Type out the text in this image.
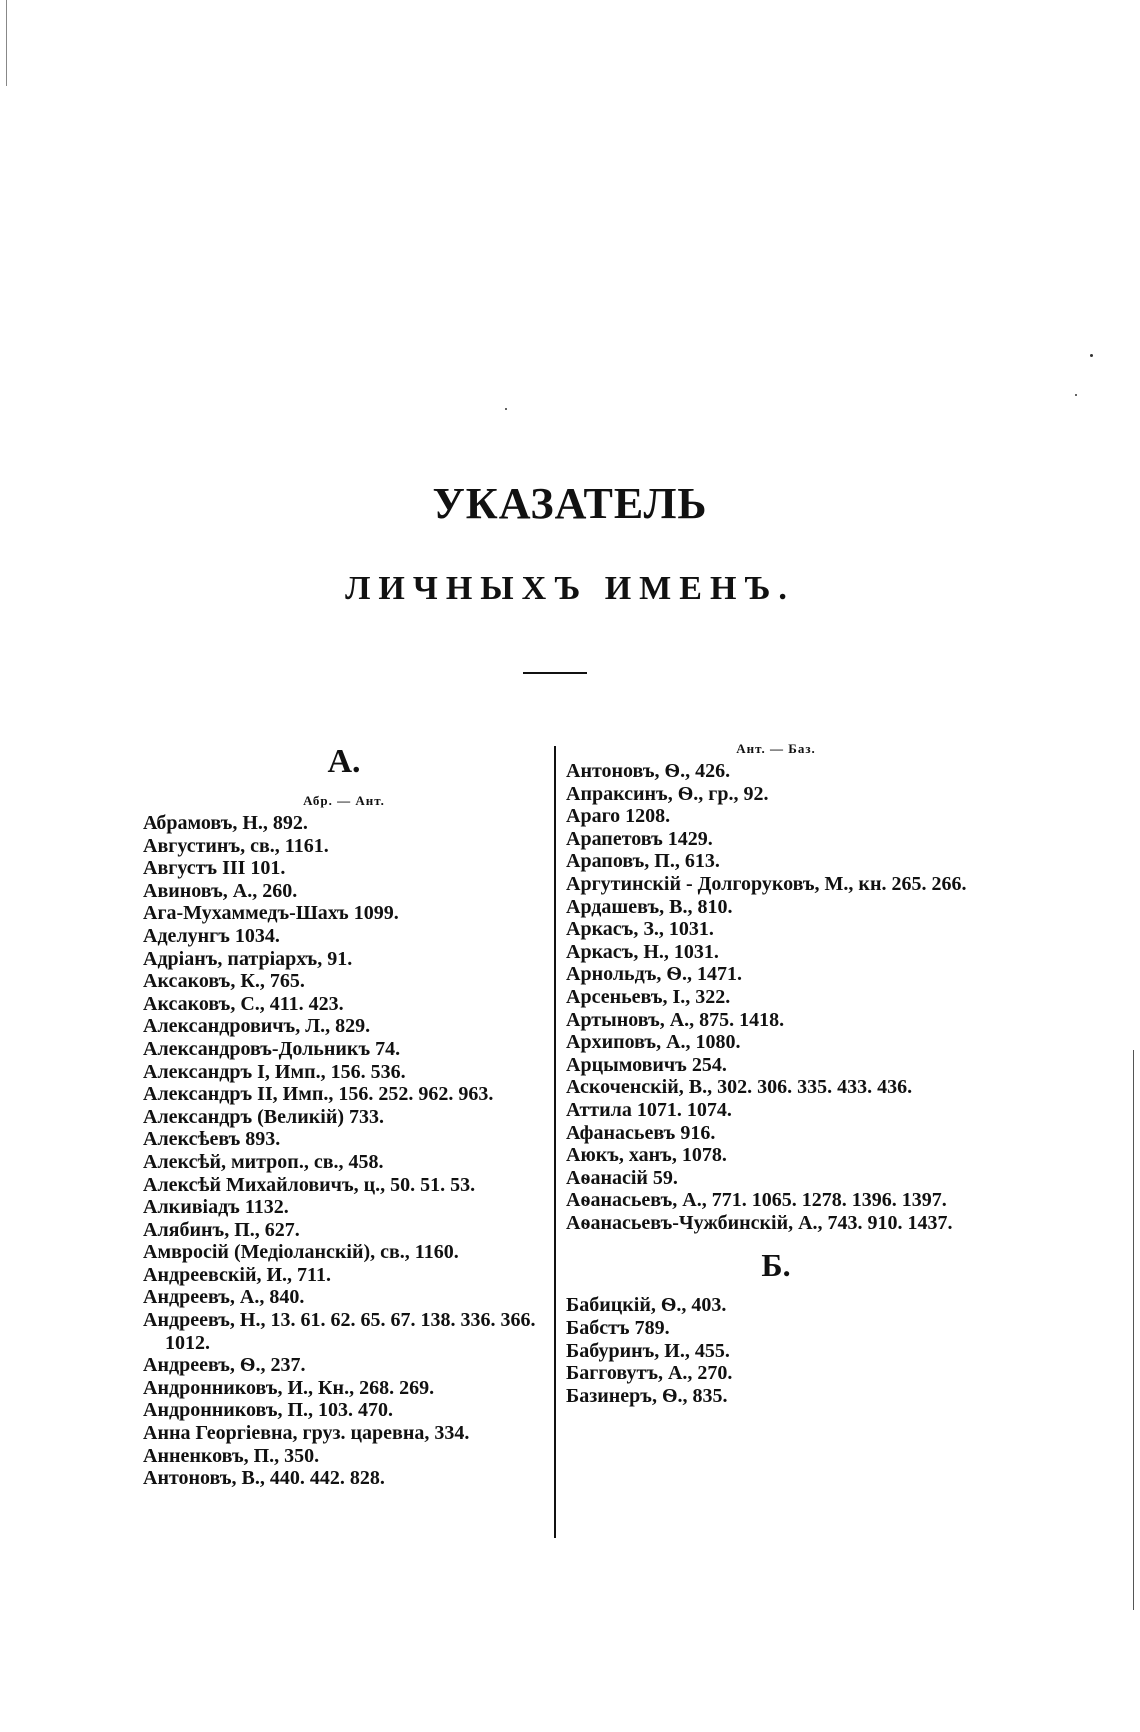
УКАЗАТЕЛЬ
ЛИЧНЫХЪ ИМЕНЪ.
А.
Абр. — Ант.
Абрамовъ, Н., 892.
Августинъ, св., 1161.
Августъ III 101.
Авиновъ, А., 260.
Ага-Мухаммедъ-Шахъ 1099.
Аделунгъ 1034.
Адріанъ, патріархъ, 91.
Аксаковъ, К., 765.
Аксаковъ, С., 411. 423.
Александровичъ, Л., 829.
Александровъ-Дольникъ 74.
Александръ I, Имп., 156. 536.
Александръ II, Имп., 156. 252. 962. 963.
Александръ (Великій) 733.
Алексѣевъ 893.
Алексѣй, митроп., св., 458.
Алексѣй Михайловичъ, ц., 50. 51. 53.
Алкивіадъ 1132.
Алябинъ, П., 627.
Амвросій (Медіоланскій), св., 1160.
Андреевскій, И., 711.
Андреевъ, А., 840.
Андреевъ, Н., 13. 61. 62. 65. 67. 138. 336. 366. 1012.
Андреевъ, Ѳ., 237.
Андронниковъ, И., Кн., 268. 269.
Андронниковъ, П., 103. 470.
Анна Георгіевна, груз. царевна, 334.
Анненковъ, П., 350.
Антоновъ, В., 440. 442. 828.
Ант. — Баз.
Антоновъ, Ѳ., 426.
Апраксинъ, Ѳ., гр., 92.
Араго 1208.
Арапетовъ 1429.
Араповъ, П., 613.
Аргутинскій - Долгоруковъ, М., кн. 265. 266.
Ардашевъ, В., 810.
Аркасъ, З., 1031.
Аркасъ, Н., 1031.
Арнольдъ, Ѳ., 1471.
Арсеньевъ, І., 322.
Артыновъ, А., 875. 1418.
Архиповъ, А., 1080.
Арцымовичъ 254.
Аскоченскій, В., 302. 306. 335. 433. 436.
Аттила 1071. 1074.
Афанасьевъ 916.
Аюкъ, ханъ, 1078.
Аѳанасій 59.
Аѳанасьевъ, А., 771. 1065. 1278. 1396. 1397.
Аѳанасьевъ-Чужбинскій, А., 743. 910. 1437.
Б.
Бабицкій, Ѳ., 403.
Бабстъ 789.
Бабуринъ, И., 455.
Багговутъ, А., 270.
Базинеръ, Ѳ., 835.
